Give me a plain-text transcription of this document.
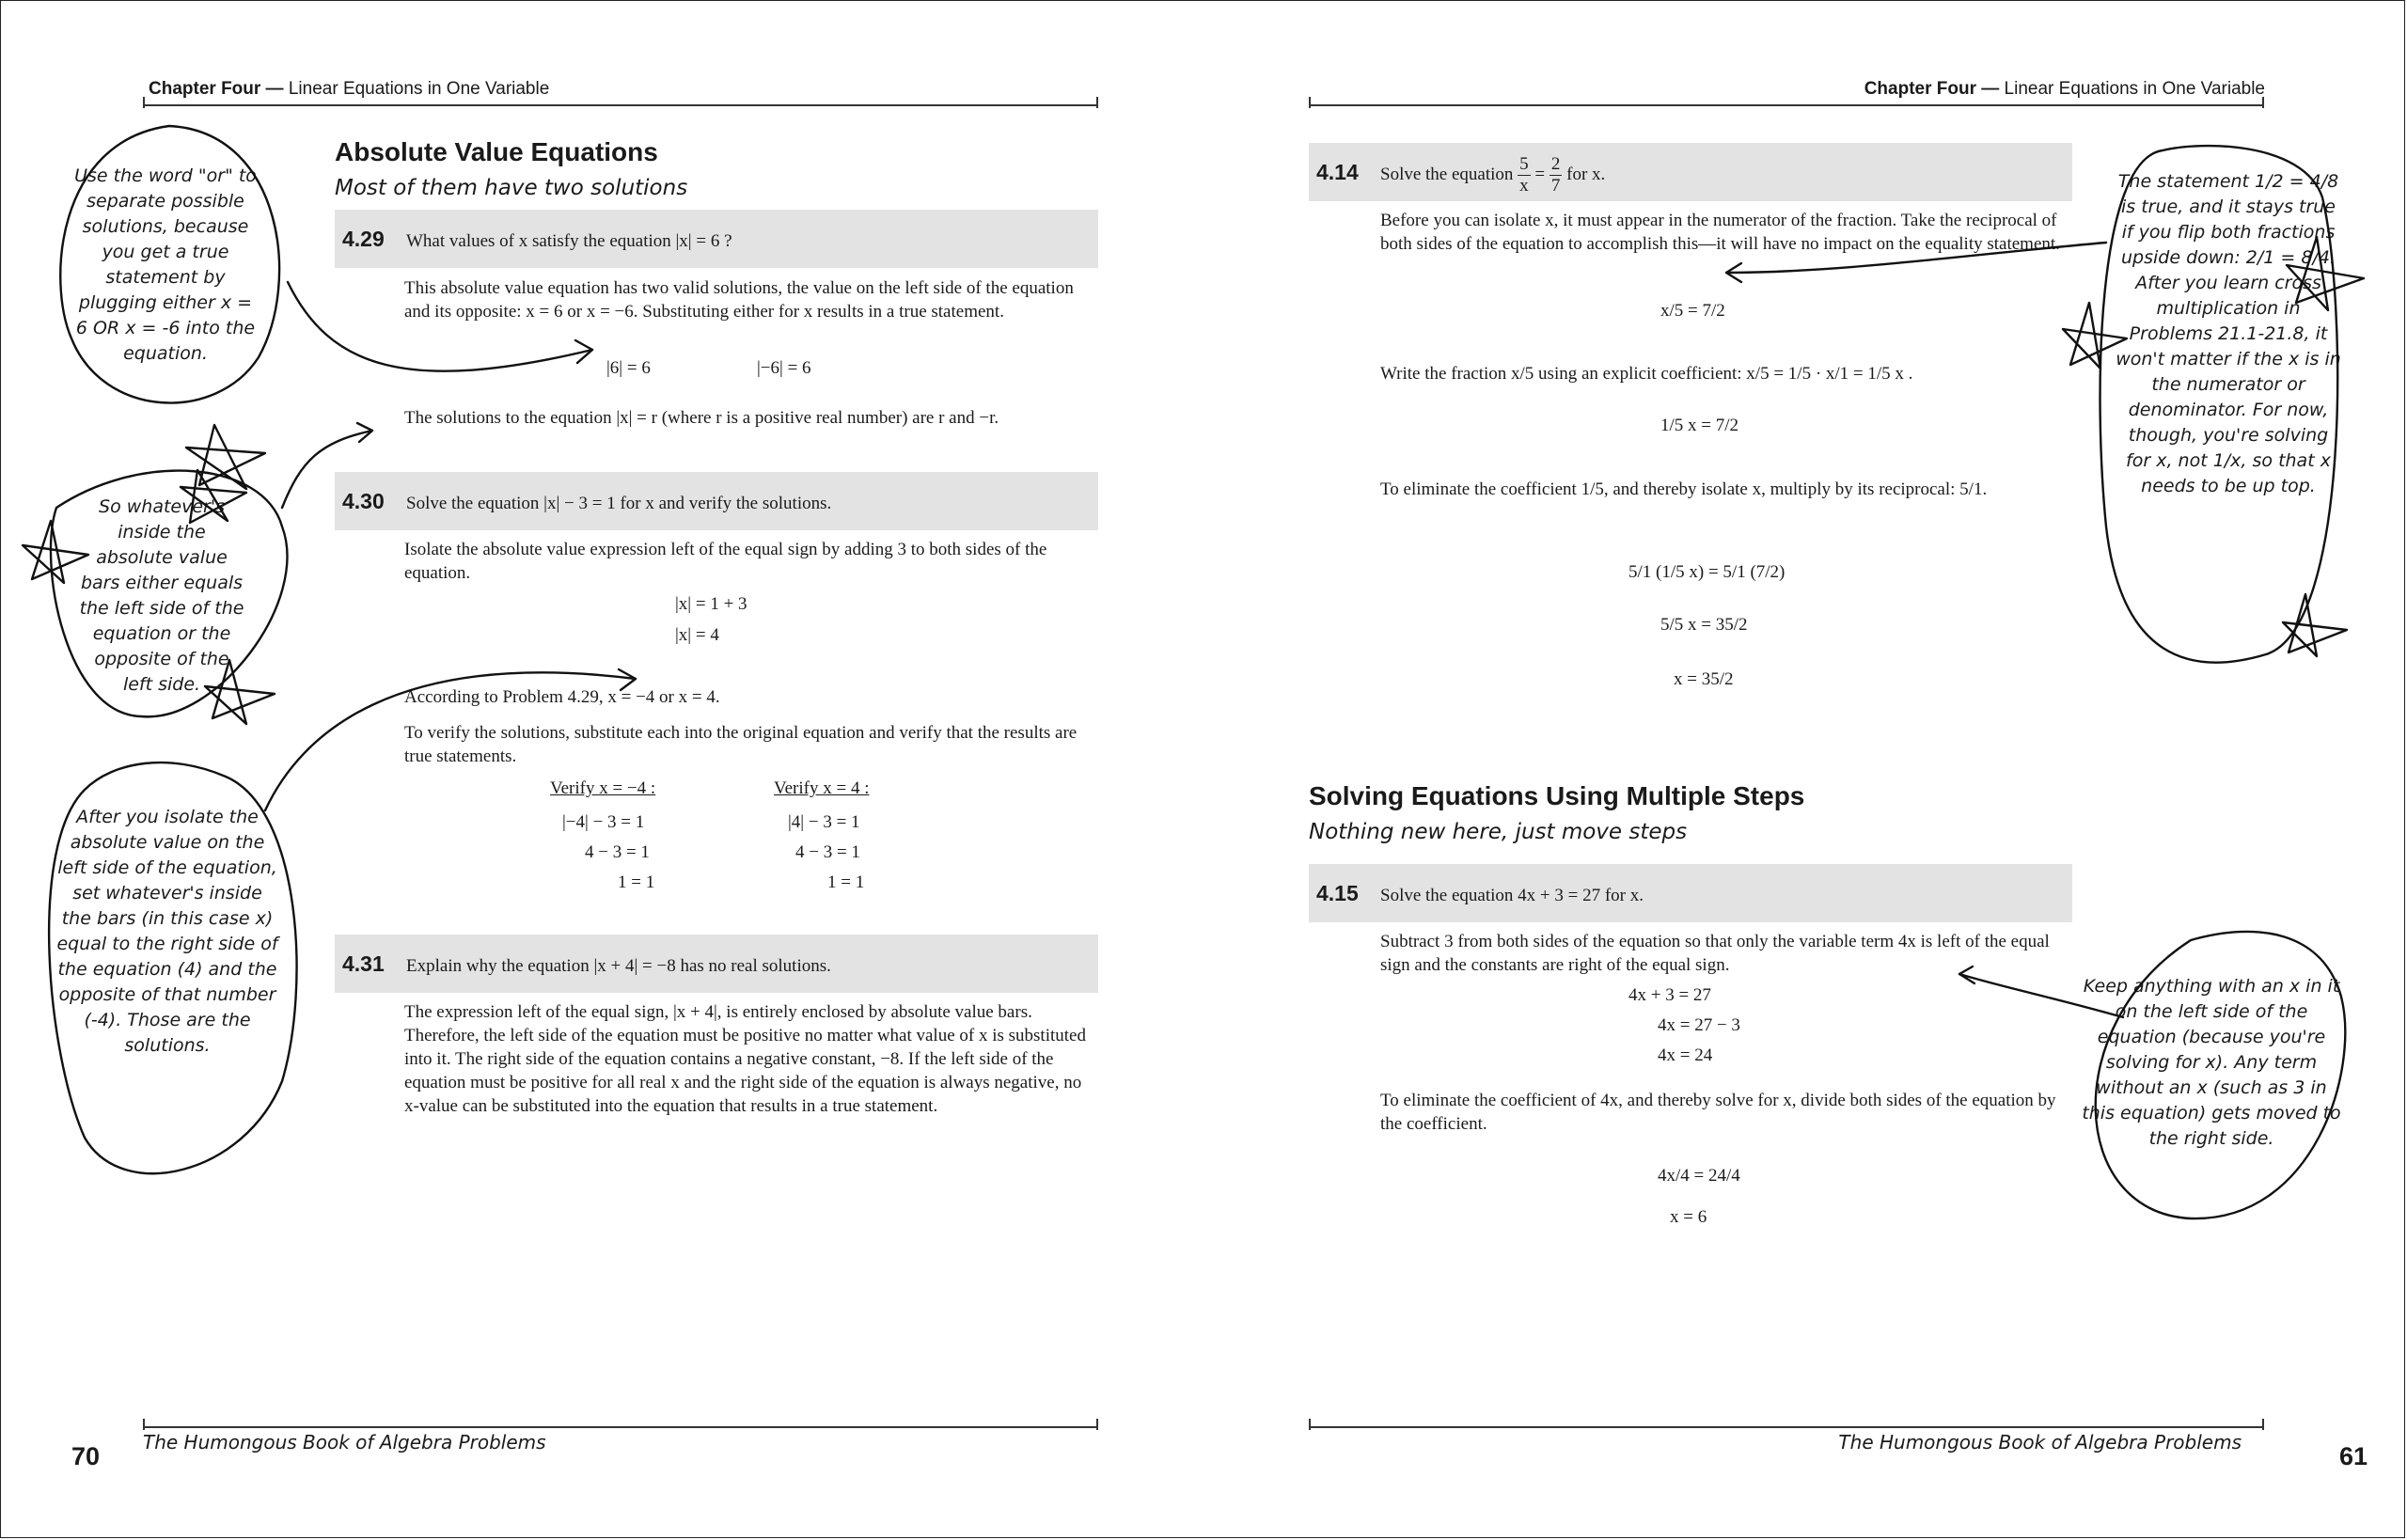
Chapter Four — Linear Equations in One Variable
Absolute Value Equations
Most of them have two solutions
4.29 What values of x satisfy the equation |x| = 6 ?
This absolute value equation has two valid solutions, the value on the left side of the equation and its opposite: x = 6 or x = −6. Substituting either for x results in a true statement.
|6| = 6	|−6| = 6
The solutions to the equation |x| = r (where r is a positive real number) are r and −r.
4.30 Solve the equation |x| − 3 = 1 for x and verify the solutions.
Isolate the absolute value expression left of the equal sign by adding 3 to both sides of the equation.
|x| = 1 + 3
|x| = 4
According to Problem 4.29, x = −4 or x = 4.
To verify the solutions, substitute each into the original equation and verify that the results are true statements.
Verify x = −4 :
|−4| − 3 = 1
4 − 3 = 1
1 = 1
Verify x = 4 :
|4| − 3 = 1
4 − 3 = 1
1 = 1
4.31 Explain why the equation |x + 4| = −8 has no real solutions.
The expression left of the equal sign, |x + 4|, is entirely enclosed by absolute value bars. Therefore, the left side of the equation must be positive no matter what value of x is substituted into it. The right side of the equation contains a negative constant, −8. If the left side of the equation must be positive for all real x and the right side of the equation is always negative, no x-value can be substituted into the equation that results in a true statement.
Use the word "or" to separate possible solutions, because you get a true statement by plugging either x = 6 OR x = -6 into the equation.
So whatever's inside the absolute value bars either equals the left side of the equation or the opposite of the left side.
After you isolate the absolute value on the left side of the equation, set whatever's inside the bars (in this case x) equal to the right side of the equation (4) and the opposite of that number (-4). Those are the solutions.
70 The Humongous Book of Algebra Problems
Chapter Four — Linear Equations in One Variable
4.14 Solve the equation $\frac{5}{x} = \frac{2}{7}$ for x.
Before you can isolate x, it must appear in the numerator of the fraction. Take the reciprocal of both sides of the equation to accomplish this—it will have no impact on the equality statement.
x/5 = 7/2
Write the fraction x/5 using an explicit coefficient: x/5 = 1/5 · x/1 = 1/5 x .
1/5 x = 7/2
To eliminate the coefficient 1/5, and thereby isolate x, multiply by its reciprocal: 5/1.
5/1 (1/5 x) = 5/1 (7/2)
5/5 x = 35/2
x = 35/2
Solving Equations Using Multiple Steps
Nothing new here, just move steps
4.15 Solve the equation 4x + 3 = 27 for x.
Subtract 3 from both sides of the equation so that only the variable term 4x is left of the equal sign and the constants are right of the equal sign.
4x + 3 = 27
4x = 27 − 3
4x = 24
To eliminate the coefficient of 4x, and thereby solve for x, divide both sides of the equation by the coefficient.
4x/4 = 24/4
x = 6
The statement 1/2 = 4/8 is true, and it stays true if you flip both fractions upside down: 2/1 = 8/4. After you learn cross multiplication in Problems 21.1-21.8, it won't matter if the x is in the numerator or denominator. For now, though, you're solving for x, not 1/x, so that x needs to be up top.
Keep anything with an x in it on the left side of the equation (because you're solving for x). Any term without an x (such as 3 in this equation) gets moved to the right side.
The Humongous Book of Algebra Problems	61
